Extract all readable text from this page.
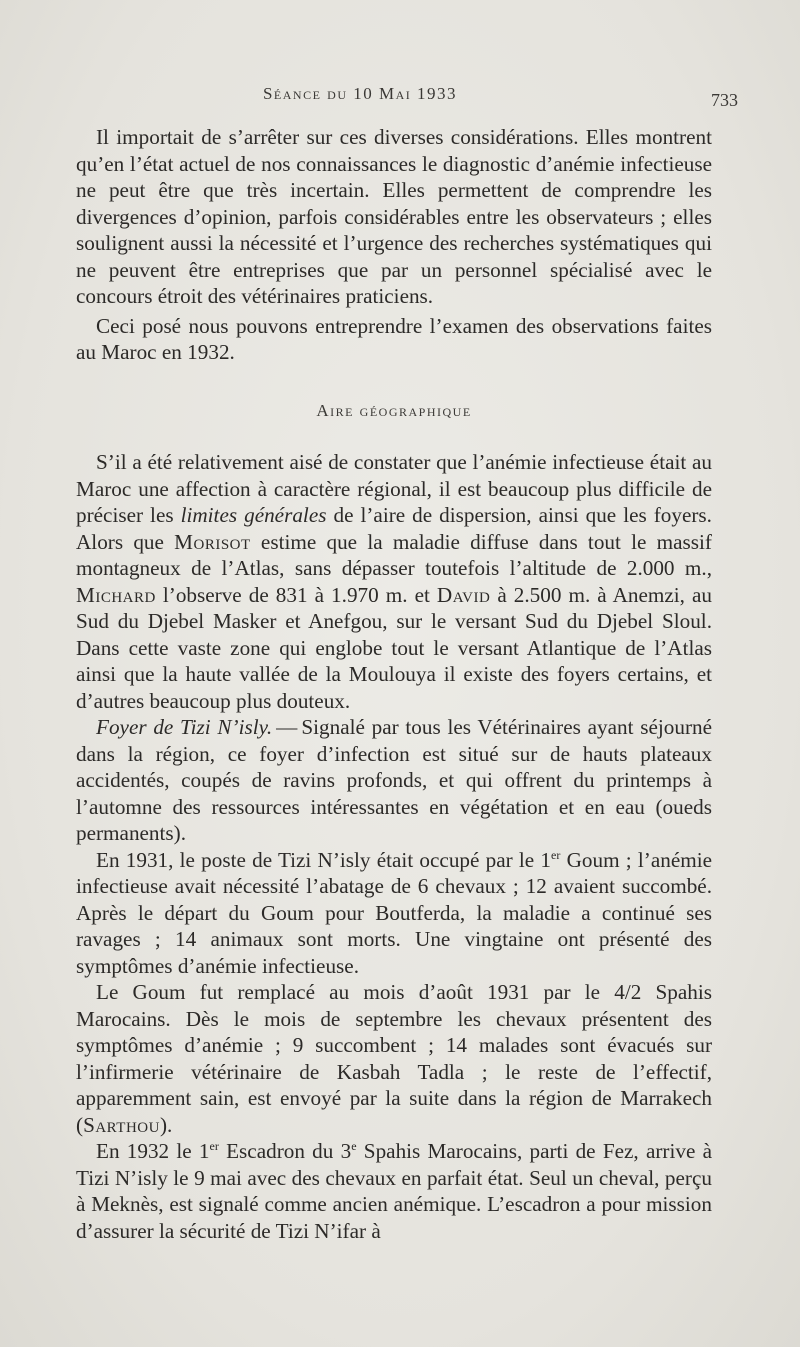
Séance du 10 Mai 1933	733

Il importait de s’arrêter sur ces diverses considérations. Elles montrent qu’en l’état actuel de nos connaissances le diagnostic d’anémie infectieuse ne peut être que très incertain. Elles permettent de comprendre les divergences d’opinion, parfois considérables entre les observateurs ; elles soulignent aussi la nécessité et l’urgence des recherches systématiques qui ne peuvent être entreprises que par un personnel spécialisé avec le concours étroit des vétérinaires praticiens.

Ceci posé nous pouvons entreprendre l’examen des observations faites au Maroc en 1932.

Aire géographique

S’il a été relativement aisé de constater que l’anémie infectieuse était au Maroc une affection à caractère régional, il est beaucoup plus difficile de préciser les limites générales de l’aire de dispersion, ainsi que les foyers. Alors que Morisot estime que la maladie diffuse dans tout le massif montagneux de l’Atlas, sans dépasser toutefois l’altitude de 2.000 m., Michard l’observe de 831 à 1.970 m. et David à 2.500 m. à Anemzi, au Sud du Djebel Masker et Anefgou, sur le versant Sud du Djebel Sloul. Dans cette vaste zone qui englobe tout le versant Atlantique de l’Atlas ainsi que la haute vallée de la Moulouya il existe des foyers certains, et d’autres beaucoup plus douteux.

Foyer de Tizi N’isly. — Signalé par tous les Vétérinaires ayant séjourné dans la région, ce foyer d’infection est situé sur de hauts plateaux accidentés, coupés de ravins profonds, et qui offrent du printemps à l’automne des ressources intéressantes en végétation et en eau (oueds permanents).

En 1931, le poste de Tizi N’isly était occupé par le 1er Goum ; l’anémie infectieuse avait nécessité l’abatage de 6 chevaux ; 12 avaient succombé. Après le départ du Goum pour Boutferda, la maladie a continué ses ravages ; 14 animaux sont morts. Une vingtaine ont présenté des symptômes d’anémie infectieuse.

Le Goum fut remplacé au mois d’août 1931 par le 4/2 Spahis Marocains. Dès le mois de septembre les chevaux présentent des symptômes d’anémie ; 9 succombent ; 14 malades sont évacués sur l’infirmerie vétérinaire de Kasbah Tadla ; le reste de l’effectif, apparemment sain, est envoyé par la suite dans la région de Marrakech (Sarthou).

En 1932 le 1er Escadron du 3e Spahis Marocains, parti de Fez, arrive à Tizi N’isly le 9 mai avec des chevaux en parfait état. Seul un cheval, perçu à Meknès, est signalé comme ancien anémique. L’escadron a pour mission d’assurer la sécurité de Tizi N’ifar à
